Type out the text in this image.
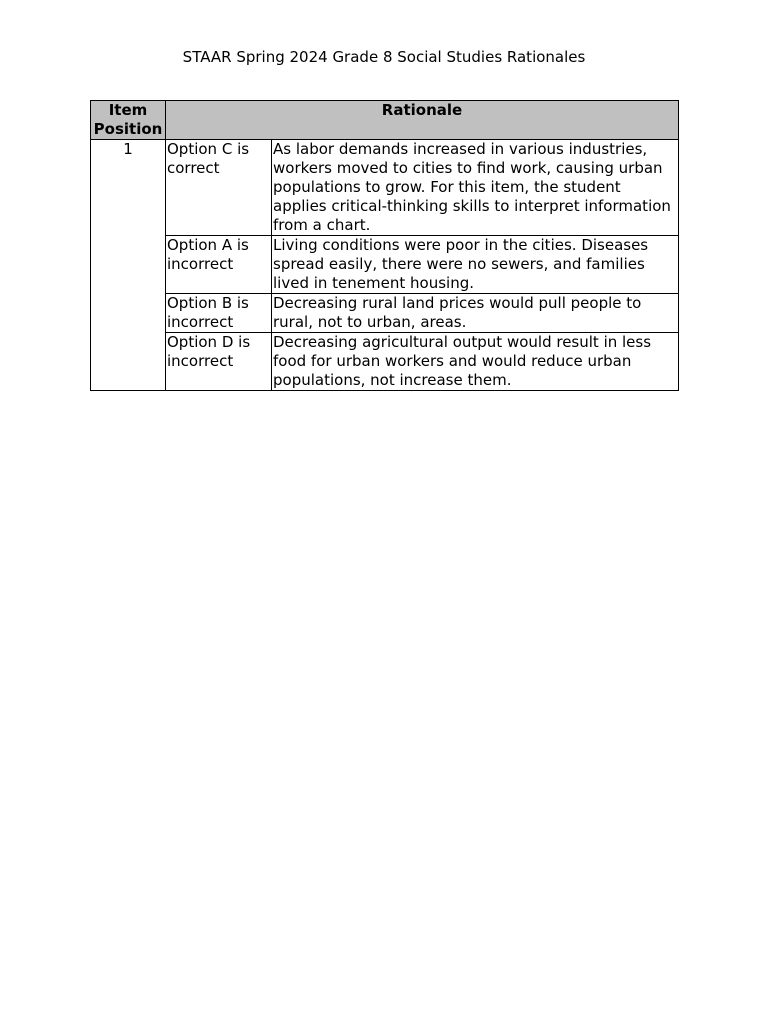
STAAR Spring 2024 Grade 8 Social Studies Rationales
Item
Position	Rationale	
1	Option C is correct	As labor demands increased in various industries, workers moved to cities to find work, causing urban populations to grow. For this item, the student applies critical-thinking skills to interpret information from a chart.
	Option A is incorrect	Living conditions were poor in the cities. Diseases spread easily, there were no sewers, and families lived in tenement housing.
	Option B is incorrect	Decreasing rural land prices would pull people to rural, not to urban, areas.
	Option D is incorrect	Decreasing agricultural output would result in less food for urban workers and would reduce urban populations, not increase them.
